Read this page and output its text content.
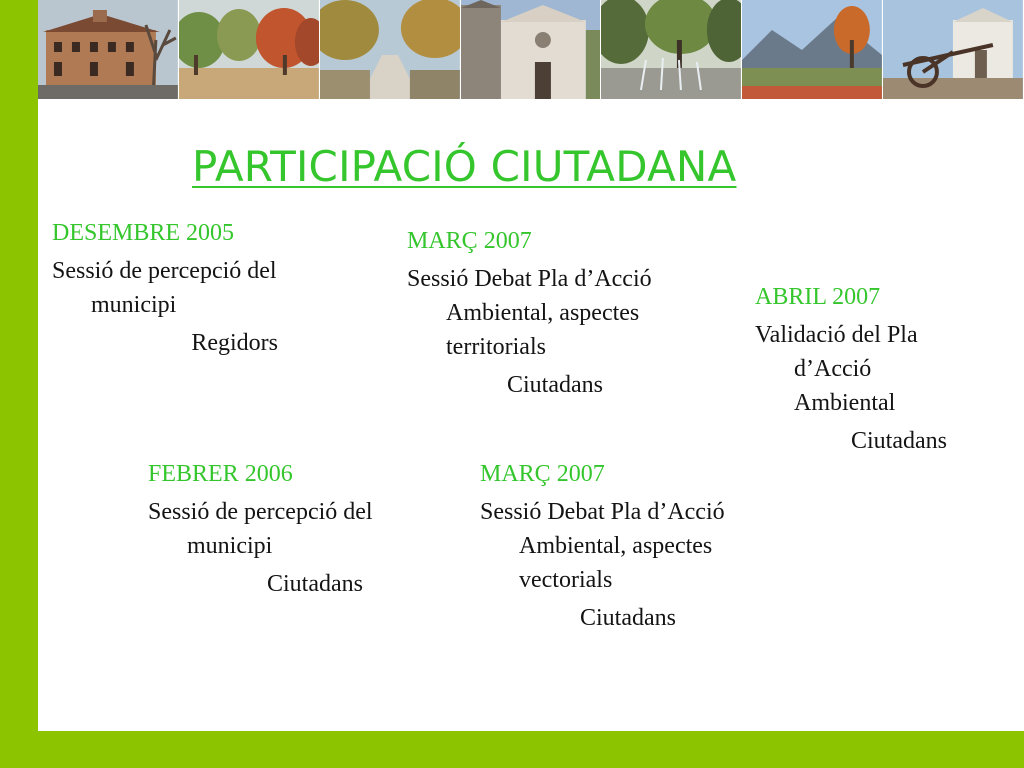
PARTICIPACIÓ CIUTADANA
DESEMBRE 2005
Sessió de percepció del municipi
Regidors
MARÇ 2007
Sessió Debat Pla d’Acció Ambiental, aspectes territorials
Ciutadans
ABRIL 2007
Validació del Pla d’Acció Ambiental
Ciutadans
FEBRER 2006
Sessió de percepció del municipi
Ciutadans
MARÇ 2007
Sessió Debat Pla d’Acció Ambiental, aspectes vectorials
Ciutadans
